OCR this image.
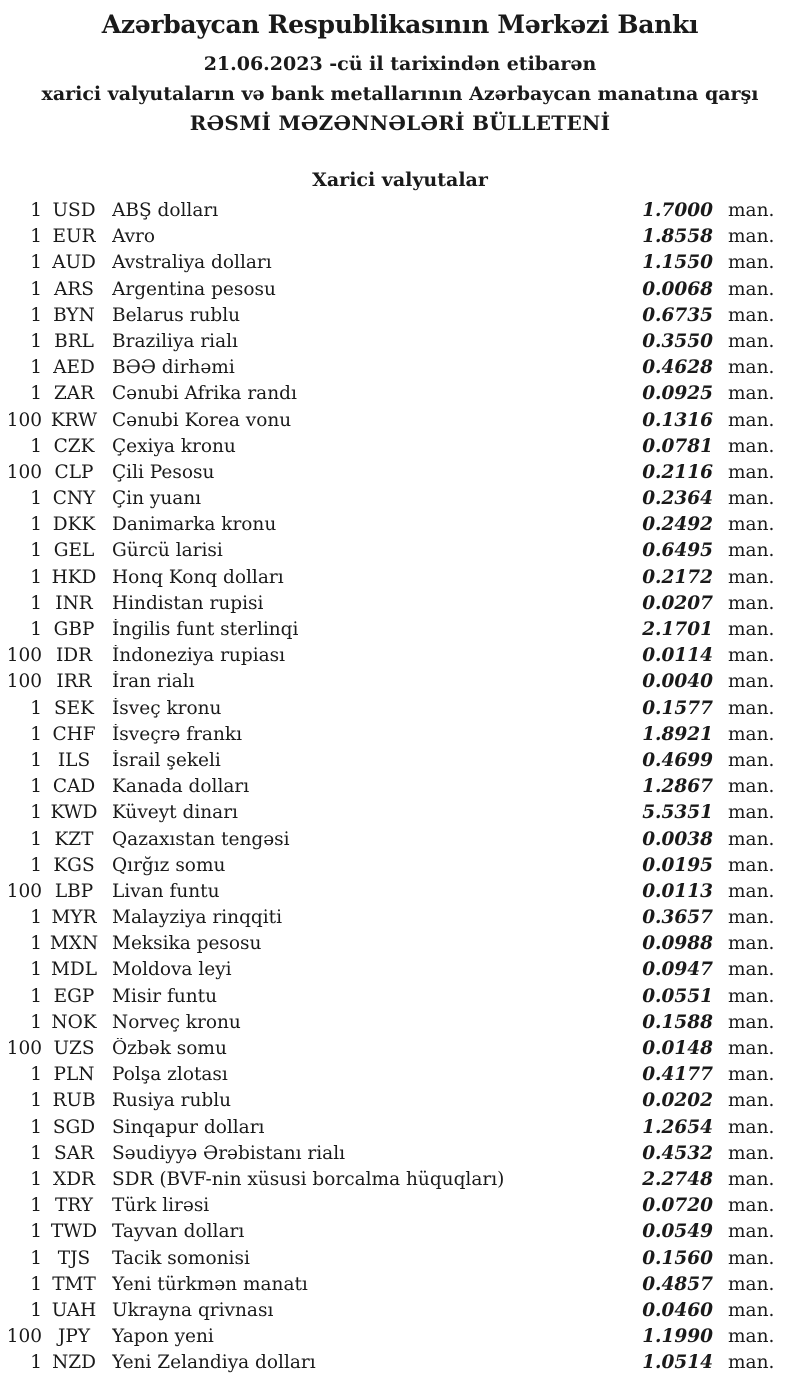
Azərbaycan Respublikasının Mərkəzi Bankı
21.06.2023 -cü il tarixindən etibarən
xarici valyutaların və bank metallarının Azərbaycan manatına qarşı
RƏSMİ MƏZƏNNƏLƏRİ BÜLLETENİ
Xarici valyutalar
1 USD ABŞ dolları	1.7000 man.
1 EUR Avro	1.8558 man.
1 AUD Avstraliya dolları	1.1550 man.
1 ARS Argentina pesosu	0.0068 man.
1 BYN Belarus rublu	0.6735 man.
1 BRL Braziliya rialı	0.3550 man.
1 AED BƏƏ dirhəmi	0.4628 man.
1 ZAR Cənubi Afrika randı	0.0925 man.
100 KRW Cənubi Korea vonu	0.1316 man.
1 CZK Çexiya kronu	0.0781 man.
100 CLP	Çili Pesosu	0.2116 man.
1 CNY Çin yuanı	0.2364 man.
1 DKK Danimarka kronu	0.2492 man.
1 GEL Gürcü larisi	0.6495 man.
1 HKD Honq Konq dolları	0.2172 man.
1 INR	Hindistan rupisi	0.0207 man.
1 GBP İngilis funt sterlinqi	2.1701 man.
100 IDR	İndoneziya rupiası	0.0114 man.
100 IRR	İran rialı	0.0040 man.
1 SEK İsveç kronu	0.1577 man.
1 CHF İsveçrə frankı	1.8921 man.
1 ILS	İsrail şekeli	0.4699 man.
1 CAD Kanada dolları	1.2867 man.
1 KWD Küveyt dinarı	5.5351 man.
1 KZT	Qazaxıstan tengəsi	0.0038 man.
1 KGS Qırğız somu	0.0195 man.
100 LBP	Livan funtu	0.0113 man.
1 MYR Malayziya rinqqiti	0.3657 man.
1 MXN Meksika pesosu	0.0988 man.
1 MDL Moldova leyi	0.0947 man.
1 EGP Misir funtu	0.0551 man.
1 NOK Norveç kronu	0.1588 man.
100 UZS Özbək somu	0.0148 man.
1 PLN Polşa zlotası	0.4177 man.
1 RUB Rusiya rublu	0.0202 man.
1 SGD Sinqapur dolları	1.2654 man.
1 SAR Səudiyyə Ərəbistanı rialı	0.4532 man.
1 XDR SDR (BVF-nin xüsusi borcalma hüquqları)	2.2748 man.
1 TRY	Türk lirəsi	0.0720 man.
1 TWD Tayvan dolları	0.0549 man.
1 TJS	Tacik somonisi	0.1560 man.
1 TMT Yeni türkmən manatı	0.4857 man.
1 UAH Ukrayna qrivnası	0.0460 man.
100 JPY	Yapon yeni	1.1990 man.
1 NZD Yeni Zelandiya dolları	1.0514 man.
